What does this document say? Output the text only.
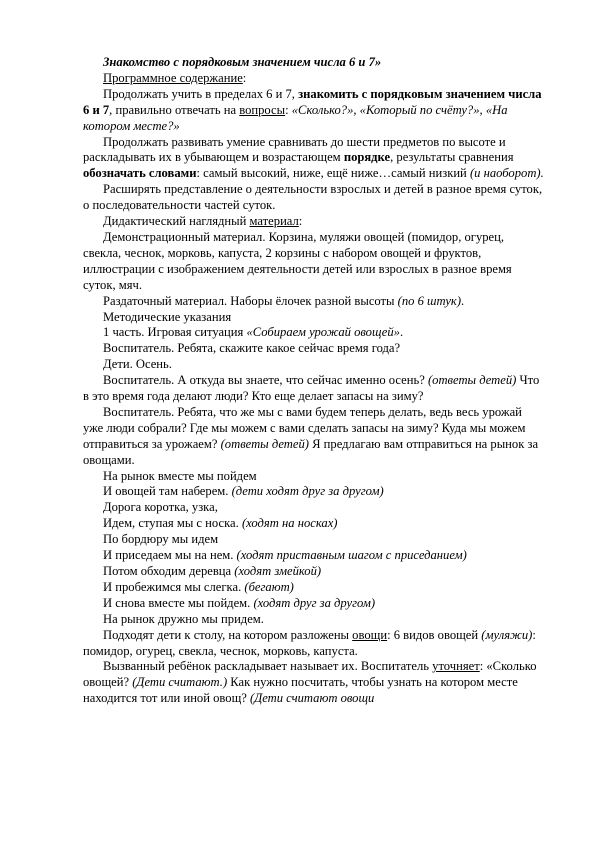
Знакомство с порядковым значением числа 6 и 7»

Программное содержание:

Продолжать учить в пределах 6 и 7, знакомить с порядковым значением числа 6 и 7, правильно отвечать на вопросы: «Сколько?», «Который по счёту?», «На котором месте?»

Продолжать развивать умение сравнивать до шести предметов по высоте и раскладывать их в убывающем и возрастающем порядке, результаты сравнения обозначать словами: самый высокий, ниже, ещё ниже…самый низкий (и наоборот).

Расширять представление о деятельности взрослых и детей в разное время суток, о последовательности частей суток.

Дидактический наглядный материал:

Демонстрационный материал. Корзина, муляжи овощей (помидор, огурец, свекла, чеснок, морковь, капуста, 2 корзины с набором овощей и фруктов, иллюстрации с изображением деятельности детей или взрослых в разное время суток, мяч.

Раздаточный материал. Наборы ёлочек разной высоты (по 6 штук).

Методические указания

1 часть. Игровая ситуация «Собираем урожай овощей».

Воспитатель. Ребята, скажите какое сейчас время года?

Дети. Осень.

Воспитатель. А откуда вы знаете, что сейчас именно осень? (ответы детей) Что в это время года делают люди? Кто еще делает запасы на зиму?

Воспитатель. Ребята, что же мы с вами будем теперь делать, ведь весь урожай уже люди собрали? Где мы можем с вами сделать запасы на зиму? Куда мы можем отправиться за урожаем? (ответы детей) Я предлагаю вам отправиться на рынок за овощами.

На рынок вместе мы пойдем

И овощей там наберем. (дети ходят друг за другом)

Дорога коротка, узка,

Идем, ступая мы с носка. (ходят на носках)

По бордюру мы идем

И приседаем мы на нем. (ходят приставным шагом с приседанием)

Потом обходим деревца (ходят змейкой)

И пробежимся мы слегка. (бегают)

И снова вместе мы пойдем. (ходят друг за другом)

На рынок дружно мы придем.

Подходят дети к столу, на котором разложены овощи: 6 видов овощей (муляжи): помидор, огурец, свекла, чеснок, морковь, капуста.

Вызванный ребёнок раскладывает называет их. Воспитатель уточняет: «Сколько овощей? (Дети считают.) Как нужно посчитать, чтобы узнать на котором месте находится тот или иной овощ? (Дети считают овощи
